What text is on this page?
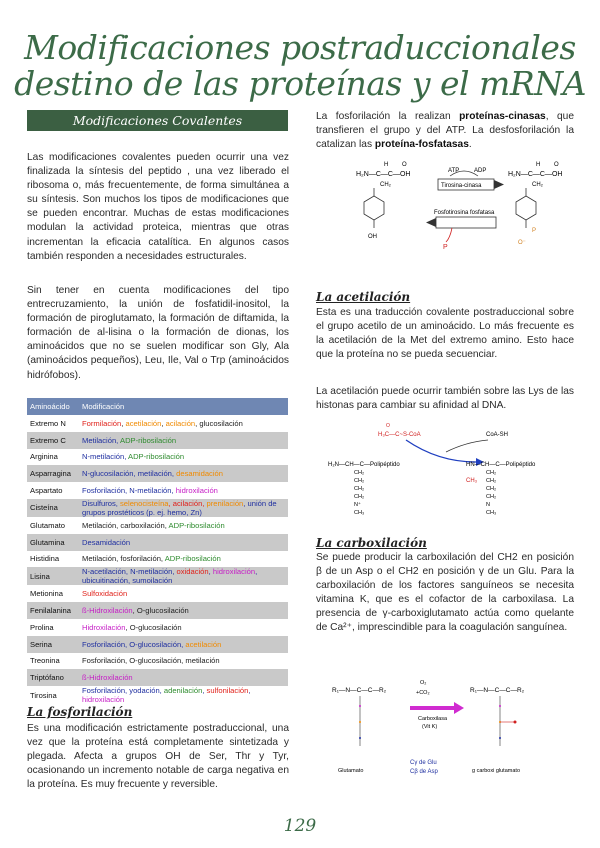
Modificaciones postraduccionales
destino de las proteínas y el mRNA
Modificaciones Covalentes
Las modificaciones covalentes pueden ocurrir una vez finalizada la síntesis del peptido , una vez liberado el ribosoma o, más frecuentemente, de forma simultánea a su síntesis. Son muchos los tipos de modificaciones que se pueden encontrar. Muchas de estas modificaciones modulan la actividad proteica, mientras que otras incrementan la eficacia catalítica. En algunos casos también responden a necesidades estructurales.
Sin tener en cuenta modificaciones del tipo entrecruzamiento, la unión de fosfatidil-inositol, la formación de piroglutamato, la formación de diftamida, la formación de al-lisina o la formación de dionas, los aminoácidos que no se suelen modificar son Gly, Ala (aminoácidos pequeños), Leu, Ile, Val o Trp (aminoácidos hidrófobos).
Aminoácido	Modificación
Extremo N	Formilación, acetilación, acilación, glucosilación
Extremo C	Metilación, ADP-ribosilación
Arginina	N-metilación, ADP-ribosilación
Asparragina	N-glucosilación, metilación, desamidación
Aspartato	Fosforilación, N-metilación, hidroxilación
Cisteína	Disulfuros, selenocisteína, acilación, prenilación, unión de grupos prostéticos (p. ej. hemo, Zn)
Glutamato	Metilación, carboxilación, ADP-ribosilación
Glutamina	Desamidación
Histidina	Metilación, fosforilación, ADP-ribosilación
Lisina	N-acetilación, N-metilación, oxidación, hidroxilación, ubicuitinación, sumoilación
Metionina	Sulfoxidación
Fenilalanina	ß-Hidroxilación, O-glucosilación
Prolina	Hidroxilación, O-glucosilación
Serina	Fosforilación, O-glucosilación, acetilación
Treonina	Fosforilación, O-glucosilación, metilación
Triptófano	ß-Hidroxilación
Tirosina	Fosforilación, yodación, adenilación, sulfonilación, hidroxilación
La fosforilación
Es una modificación estrictamente postraduccional, una vez que la proteína está completamente sintetizada y plegada. Afecta a grupos OH de Ser, Thr y Tyr, ocasionando un incremento notable de carga negativa en la proteína. Es muy frecuente y reversible.
La fosforilación la realizan proteínas-cinasas, que transfieren el grupo y del ATP. La desfosforilación la catalizan las proteína-fosfatasas.
H₂N—C—C—OH
H
CH₂
O
OH
ATP ADP
Tirosina-cinasa
Fosfotirosina fosfatasa
P
H₂N—C—C—OH
H
CH₂
O
P
O⁻
La acetilación
Esta es una traducción covalente postraduccional sobre el grupo acetilo de un aminoácido. Lo más frecuente es la acetilación de la Met del extremo amino. Esto hace que la proteína no se pueda secuenciar.
La acetilación puede ocurrir también sobre las Lys de las histonas para cambiar su afinidad al DNA.
H₃C—C~S-CoA
O
CoA-SH
H₂N—CH—C—Polipéptido	HN—CH—C—Polipéptido
CH₃
CH₂
CH₂
CH₂
CH₂
N⁺
CH₃
CH₂
CH₂
CH₂
CH₂
N
CH₃
La carboxilación
Se puede producir la carboxilación del CH2 en posición β de un Asp o el CH2 en posición γ de un Glu. Para la carboxilación de los factores sanguíneos se necesita vitamina K, que es el cofactor de la carboxilasa. La presencia de γ-carboxiglutamato actúa como quelante de Ca²⁺, imprescindible para la coagulación sanguínea.
R₁—N—C—C—R₂
Glutamato
O₂
+CO₂
Carboxilasa
(Vit K)
Cγ de Glu
Cβ de Asp
R₁—N—C—C—R₂
g carboxi glutamato
129
